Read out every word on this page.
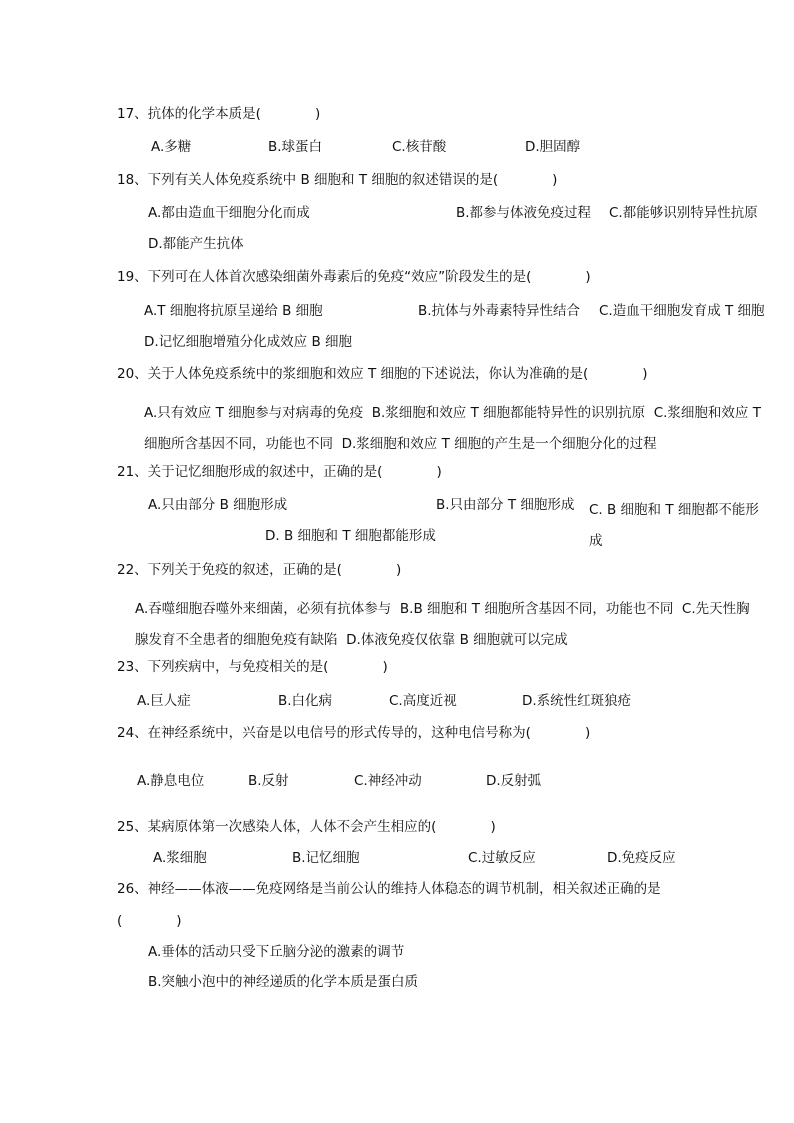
17、抗体的化学本质是(　　　　)
A.多糖	B.球蛋白	C.核苷酸	D.胆固醇
18、下列有关人体免疫系统中 B 细胞和 T 细胞的叙述错误的是(　　　　)
A.都由造血干细胞分化而成	B.都参与体液免疫过程 C.都能够识别特异性抗原
D.都能产生抗体
19、下列可在人体首次感染细菌外毒素后的免疫“效应”阶段发生的是(　　　　)
A.T 细胞将抗原呈递给 B 细胞	B.抗体与外毒素特异性结合 C.造血干细胞发育成 T 细胞
D.记忆细胞增殖分化成效应 B 细胞
20、关于人体免疫系统中的浆细胞和效应 T 细胞的下述说法，你认为准确的是(　　　　)
A.只有效应 T 细胞参与对病毒的免疫 B.浆细胞和效应 T 细胞都能特异性的识别抗原 C.浆细胞和效应 T 细胞所含基因不同，功能也不同 D.浆细胞和效应 T 细胞的产生是一个细胞分化的过程
21、关于记忆细胞形成的叙述中，正确的是(　　　　)
A.只由部分 B 细胞形成	B.只由部分 T 细胞形成 C. B 细胞和 T 细胞都不能形成
D. B 细胞和 T 细胞都能形成
22、下列关于免疫的叙述，正确的是(　　　　)
A.吞噬细胞吞噬外来细菌，必须有抗体参与 B.B 细胞和 T 细胞所含基因不同，功能也不同 C.先天性胸腺发育不全患者的细胞免疫有缺陷 D.体液免疫仅依靠 B 细胞就可以完成
23、下列疾病中，与免疫相关的是(　　　　)
A.巨人症	B.白化病	C.高度近视	D.系统性红斑狼疮
24、在神经系统中，兴奋是以电信号的形式传导的，这种电信号称为(　　　　)
A.静息电位	B.反射	C.神经冲动	D.反射弧
25、某病原体第一次感染人体，人体不会产生相应的(　　　　)
A.浆细胞	B.记忆细胞	C.过敏反应	D.免疫反应
26、神经——体液——免疫网络是当前公认的维持人体稳态的调节机制，相关叙述正确的是
(　　　　)
A.垂体的活动只受下丘脑分泌的激素的调节
B.突触小泡中的神经递质的化学本质是蛋白质
